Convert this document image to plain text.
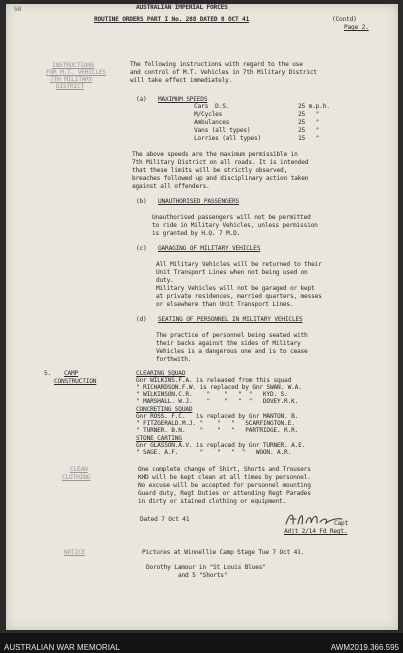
58	AUSTRALIAN IMPERIAL FORCES
ROUTINE ORDERS PART I No. 288 DATED 8 OCT 41	(Contd)
Page 2.
INSTRUCTIONS
FOR M.T. VEHICLES
7TH MILITARY
DISTRICT
The following instructions with regard to the use
and control of M.T. Vehicles in 7th Military District
will take effect immediately.
(a) MAXIMUM SPEEDS
Cars  D.S.	25 m.p.h.
M/Cycles	25   "
Ambulances	25   "
Vans (all types)	25   "
Lorries (all types)	15   "
The above speeds are the maximum permissible in
7th Military District on all roads. It is intended
that these limits will be strictly observed,
breaches followed up and disciplinary action taken
against all offenders.
(b) UNAUTHORISED PASSENGERS
Unauthorised passengers will not be permitted
to ride in Military Vehicles, unless permission
is granted by H.Q. 7 M.D.
(c) GARAGING OF MILITARY VEHICLES
All Military Vehicles will be returned to their
Unit Transport Lines when not being used on
duty.
Military Vehicles will not be garaged or kept
at private residences, married quarters, messes
or elsewhere than Unit Transport Lines.
(d) SEATING OF PERSONNEL IN MILITARY VEHICLES
The practice of personnel being seated with
their backs against the sides of Military
Vehicles is a dangerous one and is to cease
forthwith.
5. CAMP
CONSTRUCTION
CLEARING SQUAD
Gnr WILKINS.F.A. is released from this squad
" RICHARDSON.F.W. is replaced by Gnr SWAN. W.A.
" WILKINSON.C.R.    "    "   "  "   KYD. S.
" MARSHALL. W.J.    "    "   "  "   DOVEY.R.K.
CONCRETING SQUAD
Gnr ROSS. F.C.   is replaced by Gnr MANTON. B.
" FITZGERALD.M.J. "    "   "   SCARFINGTON.E.
" TURNER. B.N.    "    "   "   PARTRIDGE. R.R.
STONE CARTING
Gnr GLASSON.A.V. is replaced by Gnr TURNER. A.E.
" SAGE. A.F.      "    "   "  "   WOON. A.R.
CLEAN
CLOTHING
One complete change of Shirt, Shorts and Trousers
KHD will be kept clean at all times by personnel.
No excuse will be accepted for personnel mounting
Guard duty, Regt Duties or attending Regt Parades
in dirty or stained clothing or equipment.
Dated 7 Oct 41
Capt
Adjt 2/14 Fd Regt.
NOTICE	Pictures at Winnellie Camp Stage Tue 7 Oct 41.
Dorothy Lamour in "St Louis Blues"
and 5 "Shorts"
AUSTRALIAN WAR MEMORIAL	AWM2019.366.595
